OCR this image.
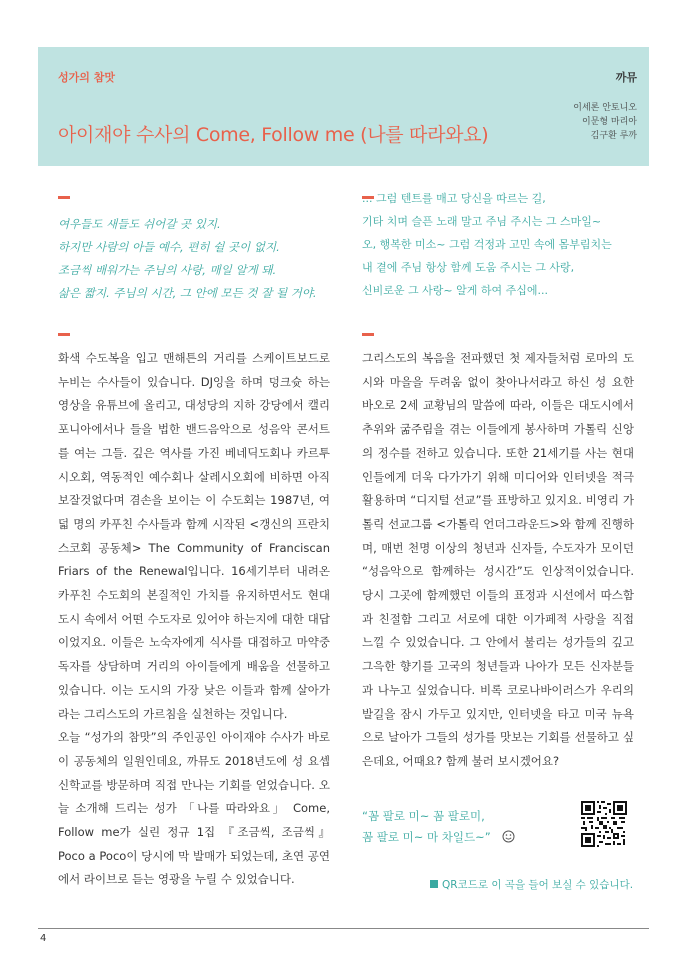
성가의 참맛	까뮤
아이재야 수사의 Come, Follow me (나를 따라와요)
이세론 안토니오
이문형 마리아
김구환 루까
여우들도 새들도 쉬어갈 곳 있지.
하지만 사람의 아들 예수, 편히 쉴 곳이 없지.
조금씩 배워가는 주님의 사랑, 매일 알게 돼.
삶은 짧지. 주님의 시간, 그 안에 모든 것 잘 될 거야.
... 그럼 텐트를 매고 당신을 따르는 길,
기타 치며 슬픈 노래 말고 주님 주시는 그 스마일~
오, 행복한 미소~ 그럼 걱정과 고민 속에 몸부림치는
내 곁에 주님 항상 함께 도움 주시는 그 사랑,
신비로운 그 사랑~ 알게 하여 주십에...

화색 수도복을 입고 맨해튼의 거리를 스케이트보드로 누비는 수사들이 있습니다. DJ잉을 하며 덩크슛 하는 영상을 유튜브에 올리고, 대성당의 지하 강당에서 캘리포니아에서나 들을 법한 밴드음악으로 성음악 콘서트를 여는 그들. 깊은 역사를 가진 베네딕도회나 카르투시오회, 역동적인 예수회나 살레시오회에 비하면 아직 보잘것없다며 겸손을 보이는 이 수도회는 1987년, 여덟 명의 카푸친 수사들과 함께 시작된 <갱신의 프란치스코회 공동체> The Community of Franciscan Friars of the Renewal입니다. 16세기부터 내려온 카푸친 수도회의 본질적인 가치를 유지하면서도 현대 도시 속에서 어떤 수도자로 있어야 하는지에 대한 대답이었지요. 이들은 노숙자에게 식사를 대접하고 마약중독자를 상담하며 거리의 아이들에게 배움을 선물하고 있습니다. 이는 도시의 가장 낮은 이들과 함께 살아가라는 그리스도의 가르침을 실천하는 것입니다.

오늘 “성가의 참맛”의 주인공인 아이재야 수사가 바로 이 공동체의 일원인데요, 까뮤도 2018년도에 성 요셉 신학교를 방문하며 직접 만나는 기회를 얻었습니다. 오늘 소개해 드리는 성가 「나를 따라와요」 Come, Follow me가 실린 정규 1집 『조금씩, 조금씩』 Poco a Poco이 당시에 막 발매가 되었는데, 초연 공연에서 라이브로 듣는 영광을 누릴 수 있었습니다.

그리스도의 복음을 전파했던 첫 제자들처럼 로마의 도시와 마을을 두려움 없이 찾아나서라고 하신 성 요한 바오로 2세 교황님의 말씀에 따라, 이들은 대도시에서 추위와 굶주림을 겪는 이들에게 봉사하며 가톨릭 신앙의 정수를 전하고 있습니다. 또한 21세기를 사는 현대인들에게 더욱 다가가기 위해 미디어와 인터넷을 적극 활용하며 “디지털 선교”를 표방하고 있지요. 비영리 가톨릭 선교그룹 <가톨릭 언더그라운드>와 함께 진행하며, 매번 천명 이상의 청년과 신자들, 수도자가 모이던 “성음악으로 함께하는 성시간”도 인상적이었습니다. 당시 그곳에 함께했던 이들의 표정과 시선에서 따스함과 친절함 그리고 서로에 대한 이가페적 사랑을 직접 느낄 수 있었습니다. 그 안에서 불리는 성가들의 깊고 그윽한 향기를 고국의 청년들과 나아가 모든 신자분들과 나누고 싶었습니다. 비록 코로나바이러스가 우리의 발길을 잠시 가두고 있지만, 인터넷을 타고 미국 뉴욕으로 날아가 그들의 성가를 맛보는 기회를 선물하고 싶은데요, 어때요? 함께 불러 보시겠어요?

“꼼 팔로 미~ 꼼 팔로미,
꼼 팔로 미~ 마 차일드~”
QR코드로 이 곡을 들어 보실 수 있습니다.
4
